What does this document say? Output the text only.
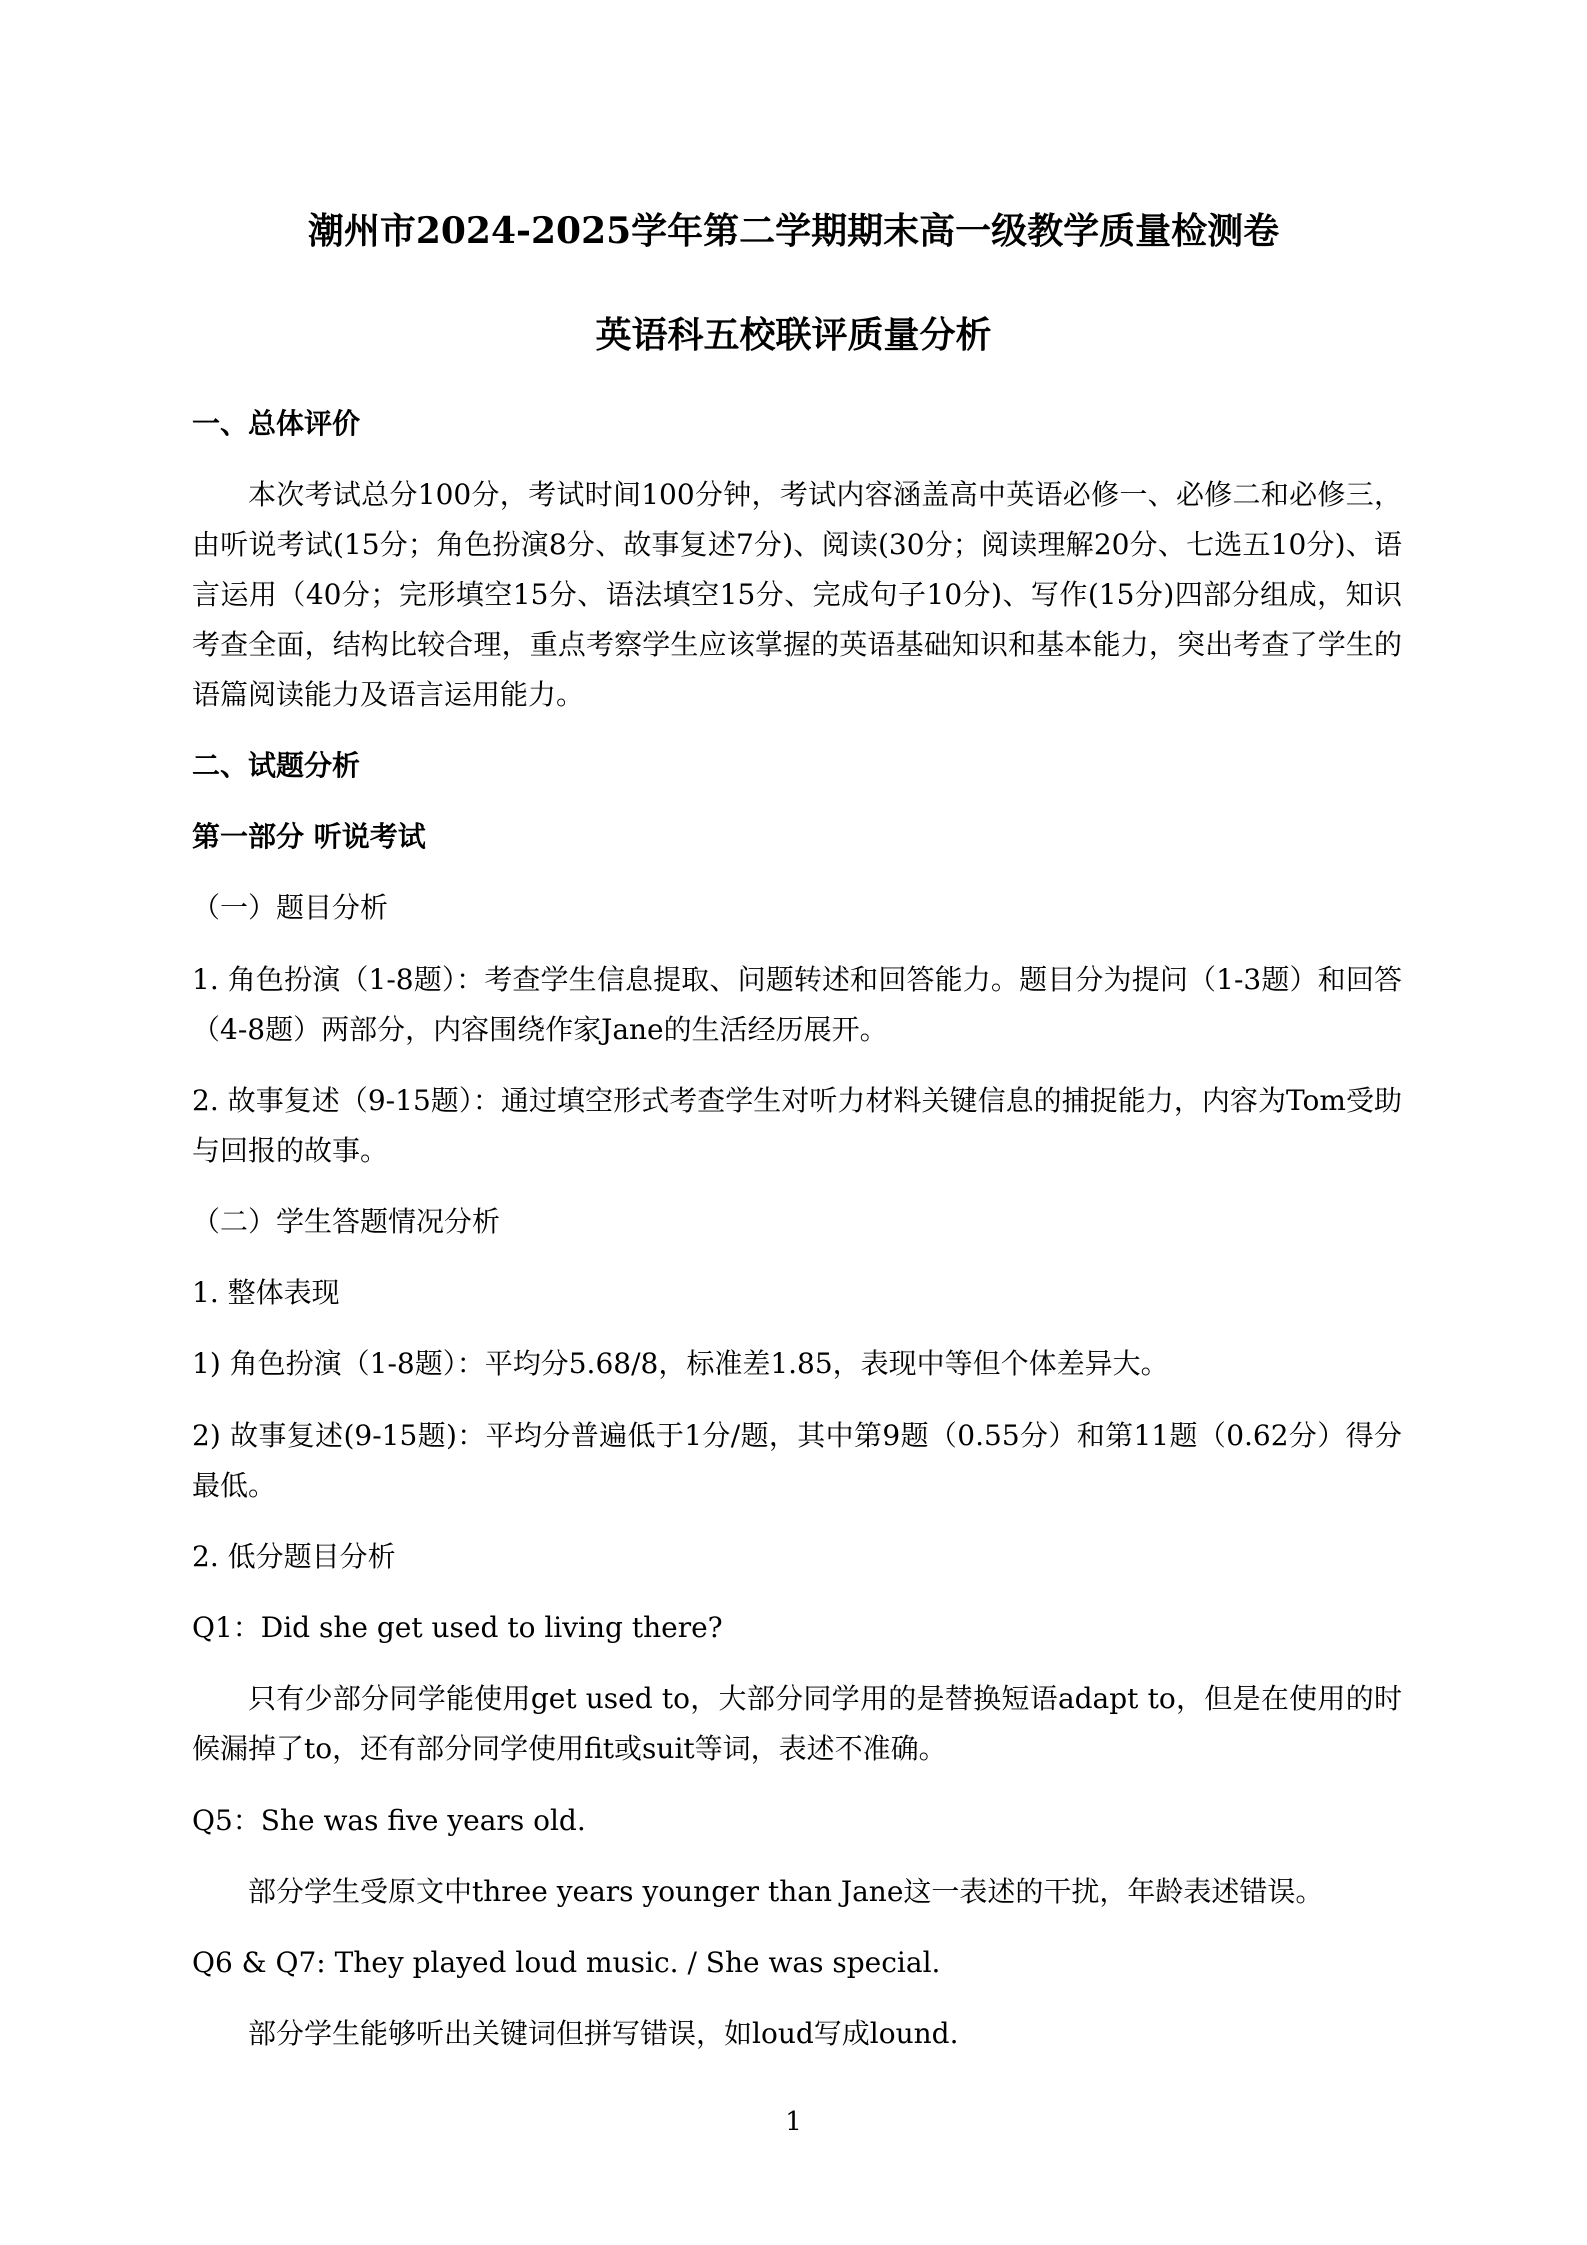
潮州市2024-2025学年第二学期期末高一级教学质量检测卷
英语科五校联评质量分析
一、总体评价
本次考试总分100分，考试时间100分钟，考试内容涵盖高中英语必修一、必修二和必修三，由听说考试(15分；角色扮演8分、故事复述7分)、阅读(30分；阅读理解20分、七选五10分)、语言运用（40分；完形填空15分、语法填空15分、完成句子10分)、写作(15分)四部分组成，知识考查全面，结构比较合理，重点考察学生应该掌握的英语基础知识和基本能力，突出考查了学生的语篇阅读能力及语言运用能力。
二、试题分析
第一部分 听说考试
（一）题目分析
1. 角色扮演（1-8题）：考查学生信息提取、问题转述和回答能力。题目分为提问（1-3题）和回答（4-8题）两部分，内容围绕作家Jane的生活经历展开。
2. 故事复述（9-15题）：通过填空形式考查学生对听力材料关键信息的捕捉能力，内容为Tom受助与回报的故事。
（二）学生答题情况分析
1. 整体表现
1) 角色扮演（1-8题）：平均分5.68/8，标准差1.85，表现中等但个体差异大。
2) 故事复述(9-15题)：平均分普遍低于1分/题，其中第9题（0.55分）和第11题（0.62分）得分最低。
2. 低分题目分析
Q1：Did she get used to living there?
只有少部分同学能使用get used to，大部分同学用的是替换短语adapt to，但是在使用的时候漏掉了to，还有部分同学使用fit或suit等词，表述不准确。
Q5：She was five years old.
部分学生受原文中three years younger than Jane这一表述的干扰，年龄表述错误。
Q6 & Q7: They played loud music. / She was special.
部分学生能够听出关键词但拼写错误，如loud写成lound.
1
